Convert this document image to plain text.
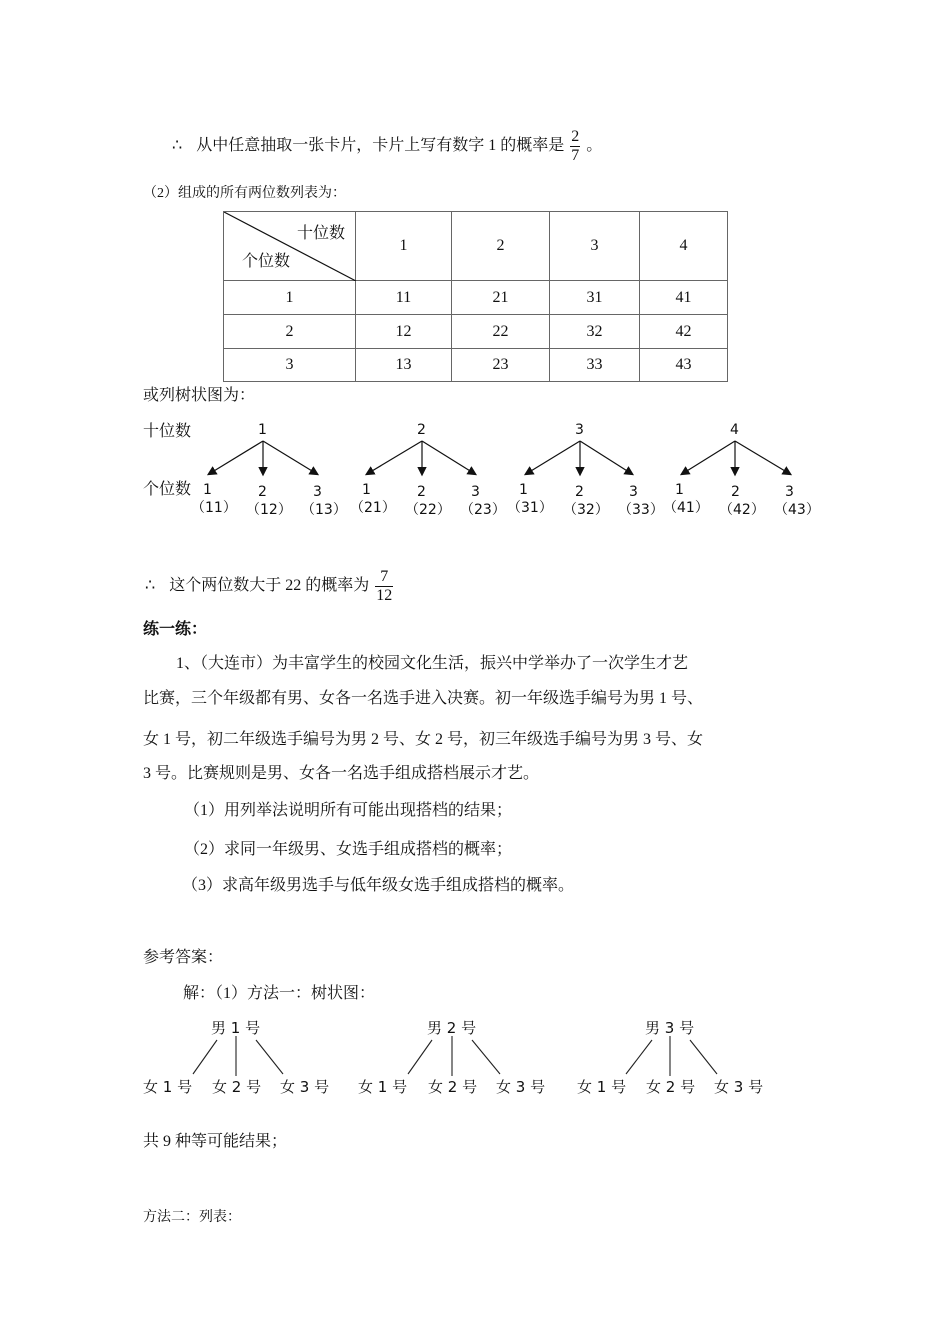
∴ 从中任意抽取一张卡片，卡片上写有数字 1 的概率是 $\frac{2}{7}$ 。
（2）组成的所有两位数列表为：
十位数
个位数	1	2	3	4
1	11	21	31	41
2	12	22	32	42
3	13	23	33	43
或列树状图为：
十位数
个位数
1	2	3	4
1	2	3	1	2	3	1	2	3	1	2	3
（11） （12） （13） （21） （22） （23） （31） （32） （33） （41） （42） （43）
∴ 这个两位数大于 22 的概率为 $\frac{7}{12}$
练一练：
1、（大连市）为丰富学生的校园文化生活，振兴中学举办了一次学生才艺
比赛，三个年级都有男、女各一名选手进入决赛。初一年级选手编号为男 1 号、
女 1 号，初二年级选手编号为男 2 号、女 2 号，初三年级选手编号为男 3 号、女
3 号。比赛规则是男、女各一名选手组成搭档展示才艺。
（1）用列举法说明所有可能出现搭档的结果；
（2）求同一年级男、女选手组成搭档的概率；
（3）求高年级男选手与低年级女选手组成搭档的概率。
参考答案：
解：（1）方法一：树状图：
男 1 号	男 2 号	男 3 号
女 1 号 女 2 号 女 3 号 女 1 号 女 2 号 女 3 号 女 1 号 女 2 号 女 3 号
共 9 种等可能结果；
方法二：列表：
